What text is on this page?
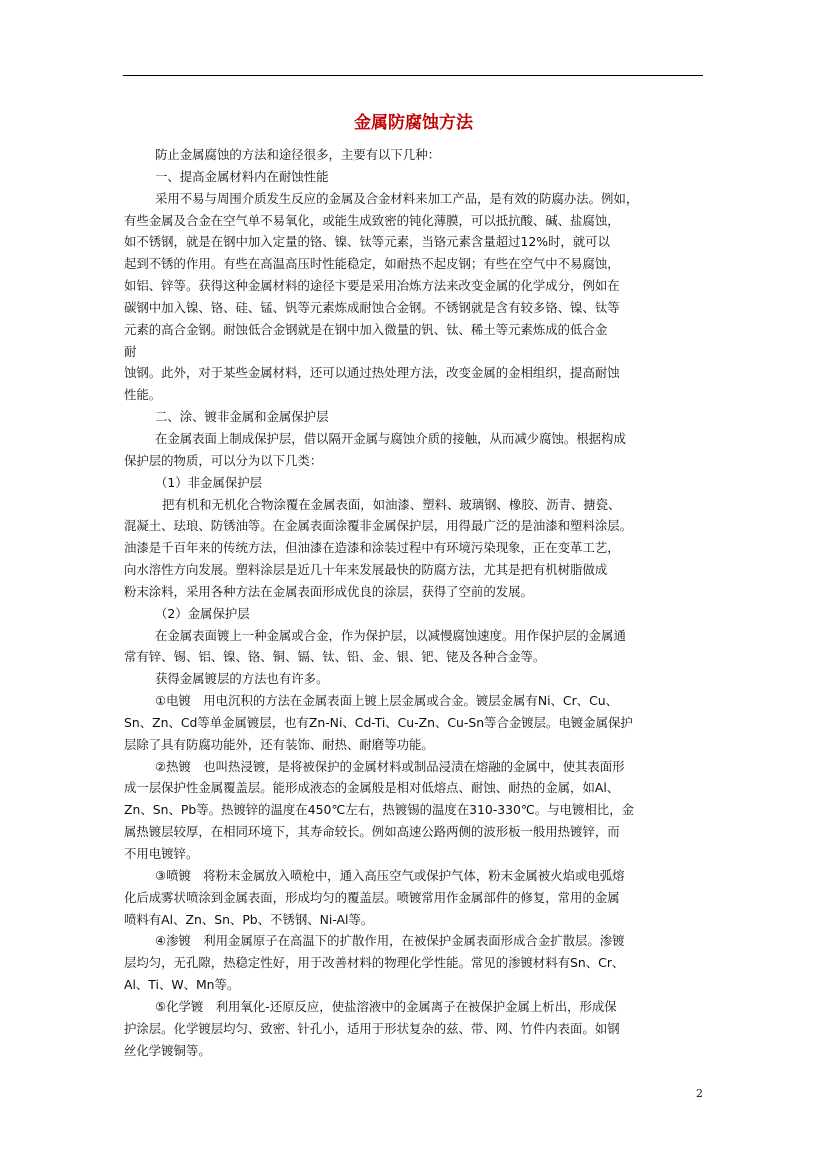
金属防腐蚀方法
防止金属腐蚀的方法和途径很多，主要有以下几种：
一、提高金属材料内在耐蚀性能
采用不易与周围介质发生反应的金属及合金材料来加工产品，是有效的防腐办法。例如，
有些金属及合金在空气单不易氧化，或能生成致密的钝化薄膜，可以抵抗酸、碱、盐腐蚀，
如不锈钢，就是在钢中加入定量的铬、镍、钛等元素，当铬元素含量超过12%时，就可以
起到不锈的作用。有些在高温高压时性能稳定，如耐热不起皮钢；有些在空气中不易腐蚀，
如铝、锌等。获得这种金属材料的途径卞要是采用冶炼方法来改变金属的化学成分，例如在
碳钢中加入镍、铬、硅、锰、钒等元素炼成耐蚀合金钢。不锈钢就是含有较多铬、镍、钛等
元素的高合金钢。耐蚀低合金钢就是在钢中加入微量的钒、钛、稀土等元素炼成的低合金
耐
蚀钢。此外，对于某些金属材料，还可以通过热处理方法，改变金属的金相组织，提高耐蚀
性能。
二、涂、镀非金属和金属保护层
在金属表面上制成保护层，借以隔开金属与腐蚀介质的接触，从而减少腐蚀。根据构成
保护层的物质，可以分为以下几类：
（1）非金属保护层
把有机和无机化合物涂覆在金属表面，如油漆、塑料、玻璃钢、橡胶、沥青、搪瓷、
混凝土、珐琅、防锈油等。在金属表面涂覆非金属保护层，用得最广泛的是油漆和塑料涂层。
油漆是千百年来的传统方法，但油漆在造漆和涂装过程中有环境污染现象，正在变革工艺，
向水溶性方向发展。塑料涂层是近几十年来发展最快的防腐方法，尤其是把有机树脂做成
粉末涂料，采用各种方法在金属表面形成优良的涂层，获得了空前的发展。
（2）金属保护层
在金属表面镀上一种金属或合金，作为保护层，以减慢腐蚀速度。用作保护层的金属通
常有锌、锡、铝、镍、铬、铜、镉、钛、铅、金、银、钯、铑及各种合金等。
获得金属镀层的方法也有许多。
①电镀　用电沉积的方法在金属表面上镀上层金属或合金。镀层金属有Ni、Cr、Cu、
Sn、Zn、Cd等单金属镀层，也有Zn-Ni、Cd-Ti、Cu-Zn、Cu-Sn等合金镀层。电镀金属保护
层除了具有防腐功能外，还有装饰、耐热、耐磨等功能。
②热镀　也叫热浸镀，是将被保护的金属材料或制品浸渍在熔融的金属中，使其表面形
成一层保护性金属覆盖层。能形成液态的金属般是相对低熔点、耐蚀、耐热的金属，如Al、
Zn、Sn、Pb等。热镀锌的温度在450℃左右，热镀锡的温度在310-330℃。与电镀相比，金
属热镀层较厚，在相同环境下，其寿命较长。例如高速公路两侧的波形板一般用热镀锌，而
不用电镀锌。
③喷镀　将粉末金属放入喷枪中，通入高压空气或保护气体，粉末金属被火焰或电弧熔
化后成雾状喷涂到金属表面，形成均匀的覆盖层。喷镀常用作金属部件的修复，常用的金属
喷料有Al、Zn、Sn、Pb、不锈钢、Ni-Al等。
④渗镀　利用金属原子在高温下的扩散作用，在被保护金属表面形成合金扩散层。渗镀
层均匀，无孔隙，热稳定性好，用于改善材料的物理化学性能。常见的渗镀材料有Sn、Cr、
Al、Ti、W、Mn等。
⑤化学镀　利用氧化-还原反应，使盐溶液中的金属离子在被保护金属上析出，形成保
护涂层。化学镀层均匀、致密、针孔小，适用于形状复杂的兹、带、网、竹件内表面。如钢
丝化学镀铜等。
2
